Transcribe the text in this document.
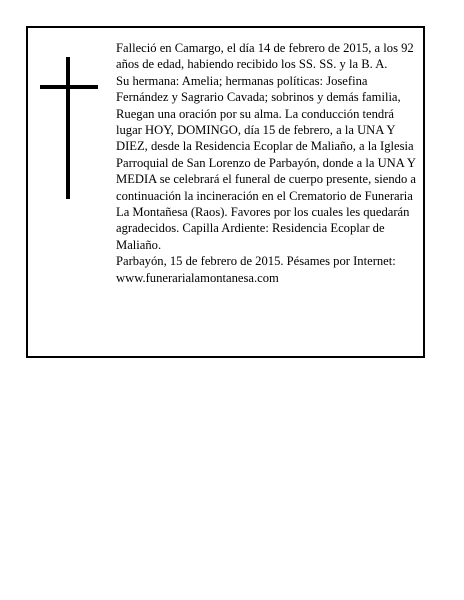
Falleció en Camargo, el día 14 de febrero de 2015, a los 92 años de edad, habiendo recibido los SS. SS. y la B. A.

Su hermana: Amelia; hermanas políticas: Josefina Fernández y Sagrario Cavada; sobrinos y demás familia, Ruegan una oración por su alma. La conducción tendrá lugar HOY, DOMINGO, día 15 de febrero, a la UNA Y DIEZ, desde la Residencia Ecoplar de Maliaño, a la Iglesia Parroquial de San Lorenzo de Parbayón, donde a la UNA Y MEDIA se celebrará el funeral de cuerpo presente, siendo a continuación la incineración en el Crematorio de Funeraria La Montañesa (Raos). Favores por los cuales les quedarán agradecidos. Capilla Ardiente: Residencia Ecoplar de Maliaño.

Parbayón, 15 de febrero de 2015. Pésames por Internet: www.funerarialamontanesa.com
